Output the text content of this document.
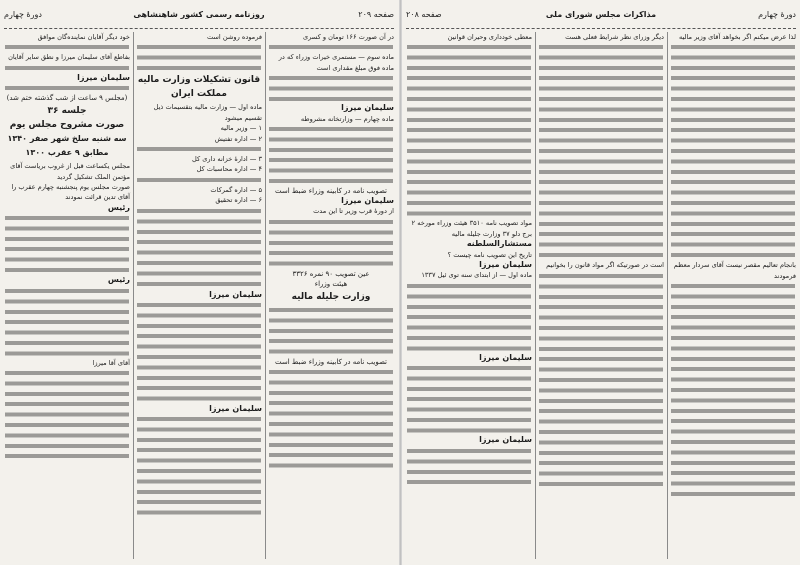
صفحه ۲۰۹
روزنامه رسمی کشور شاهنشاهی
دورهٔ چهارم

در آن صورت ۱۶۶ تومان و کسری

ماده سوم — مستمری خیرات وزراء که در ماده فوق مبلغ مقداری است

سلیمان میرزا

ماده چهارم — وزارتخانه مشروطه

تصویب نامه در کابینه وزراء ضبط است

سلیمان میرزا

از دورهٔ قرب وزیر تا این مدت

عین تصویب ۹۰ نمره ۳۳۲۶

هیئت وزراء

وزارت جلیله مالیه

تصویب نامه در کابینه وزراء ضبط است

فرموده روشن است

قانون تشکیلات وزارت مالیه

مملکت ایران

ماده اول — وزارت مالیه بتقسیمات ذیل تقسیم میشود

۱ — وزیر مالیه

۲ — اداره تفتیش

۳ — ادارهٔ خزانه داری کل

۴ — اداره محاسبات کل

۵ — اداره گمرکات

۶ — اداره تحقیق

سلیمان میرزا

سلیمان میرزا

خود دیگر آقایان نماینده‌گان موافق

بفاطع آقای سلیمان میرزا و نطق سایر آقایان

سلیمان میرزا

(مجلس ۹ ساعت از شب گذشته ختم شد)

جلسه ۳۶

صورت مشروح مجلس یوم

سه شنبه سلخ شهر صفر ۱۳۴۰

مطابق ۹ عقرب ۱۳۰۰

مجلس یکساعت قبل از غروب بریاست آقای مؤتمن الملک تشکیل گردید

صورت مجلس یوم پنجشنبه چهارم عقرب را آقای تدین قرائت نمودند

رئیس

رئیس

آقای آقا میرزا

دورهٔ چهارم
مذاکرات مجلس شورای ملی
صفحه ۲۰۸

لذا عرض میکنم اگر بخواهد آقای وزیر مالیه

بانجام تعالیم مقصر نیست آقای سردار معظم فرمودند

دیگر وزرای نظر شرایط فعلی هست

است در صورتیکه اگر مواد قانون را بخوانیم

معطی خودداری وحیران قوانین

مواد تصویب نامه ۳۵۱۰ هیئت وزراء مورخه ۲ برج دلو ۳۷ وزارت جلیله مالیه

مستشارالسلطنه

تاریخ این تصویب نامه چیست ؟

سلیمان میرزا

ماده اول — از ابتدای سنه توی ئیل ۱۳۳۷

سلیمان میرزا

سلیمان میرزا
